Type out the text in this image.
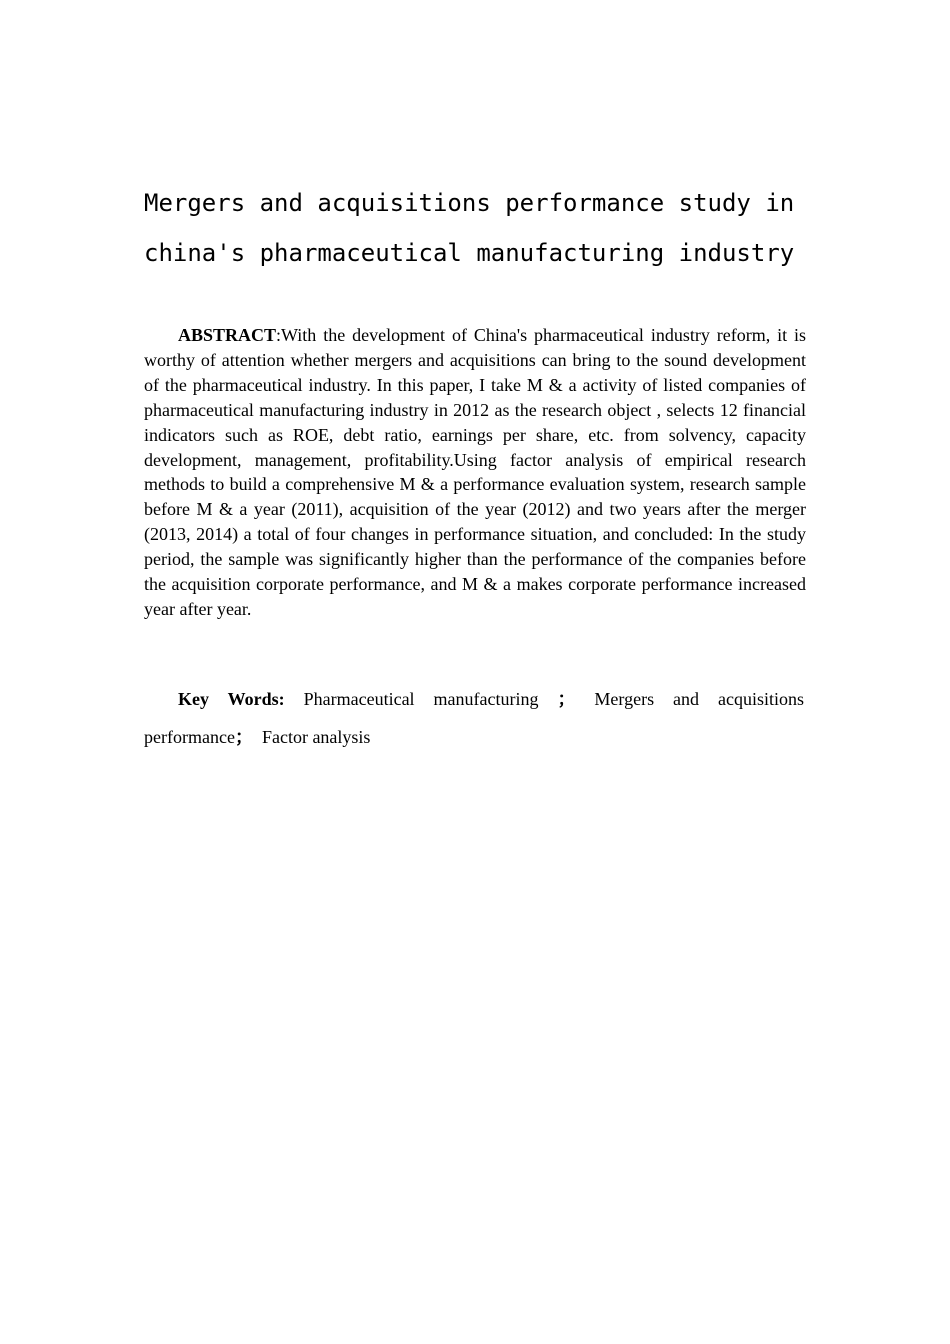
Mergers and acquisitions performance study in
china's pharmaceutical manufacturing industry

ABSTRACT:With the development of China's pharmaceutical industry reform, it is worthy of attention whether mergers and acquisitions can bring to the sound development of the pharmaceutical industry. In this paper, I take M & a activity of listed companies of pharmaceutical manufacturing industry in 2012 as the research object , selects 12 financial indicators such as ROE, debt ratio, earnings per share, etc. from solvency, capacity development, management, profitability.Using factor analysis of empirical research methods to build a comprehensive M & a performance evaluation system, research sample before M & a year (2011), acquisition of the year (2012) and two years after the merger (2013, 2014) a total of four changes in performance situation, and concluded: In the study period, the sample was significantly higher than the performance of the companies before the acquisition corporate performance, and M & a makes corporate performance increased year after year.

Key Words: Pharmaceutical manufacturing ； Mergers and acquisitions performance； Factor analysis
